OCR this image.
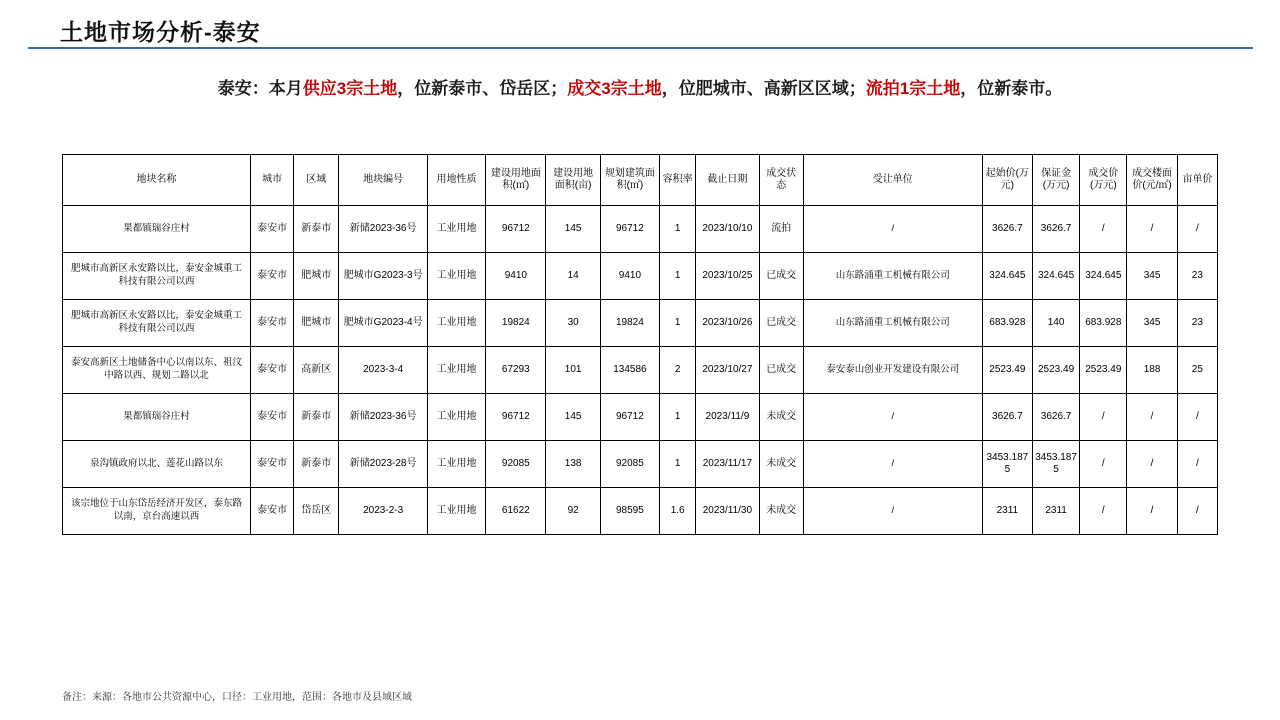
土地市场分析-泰安
泰安：本月供应3宗土地，位新泰市、岱岳区；成交3宗土地，位肥城市、高新区区域；流拍1宗土地，位新泰市。
地块名称	城市	区域	地块编号	用地性质	建设用地面积(㎡)	建设用地面积(亩)	规划建筑面积(㎡)	容积率	截止日期	成交状态	受让单位	起始价(万元)	保证金(万元)	成交价(万元)	成交楼面价(元/㎡)	亩单价
果都镇瑞谷庄村	泰安市	新泰市	新储2023-36号	工业用地	96712	145	96712	1	2023/10/10	流拍	/	3626.7	3626.7	/	/	/
肥城市高新区永安路以比，泰安金城重工科技有限公司以西	泰安市	肥城市	肥城市G2023-3号	工业用地	9410	14	9410	1	2023/10/25	已成交	山东路涌重工机械有限公司	324.645	324.645	324.645	345	23
肥城市高新区永安路以比，泰安金城重工科技有限公司以西	泰安市	肥城市	肥城市G2023-4号	工业用地	19824	30	19824	1	2023/10/26	已成交	山东路涌重工机械有限公司	683.928	140	683.928	345	23
泰安高新区土地储备中心以南以东、祖汶中路以西、规划二路以北	泰安市	高新区	2023-3-4	工业用地	67293	101	134586	2	2023/10/27	已成交	泰安泰山创业开发建设有限公司	2523.49	2523.49	2523.49	188	25
果都镇瑞谷庄村	泰安市	新泰市	新储2023-36号	工业用地	96712	145	96712	1	2023/11/9	未成交	/	3626.7	3626.7	/	/	/
泉沟镇政府以北、莲花山路以东	泰安市	新泰市	新储2023-28号	工业用地	92085	138	92085	1	2023/11/17	未成交	/	3453.1875	3453.1875	/	/	/
该宗地位于山东岱岳经济开发区，泰东路以南，京台高速以西	泰安市	岱岳区	2023-2-3	工业用地	61622	92	98595	1.6	2023/11/30	未成交	/	2311	2311	/	/	/
备注：来源：各地市公共资源中心，口径：工业用地，范围：各地市及县域区域
